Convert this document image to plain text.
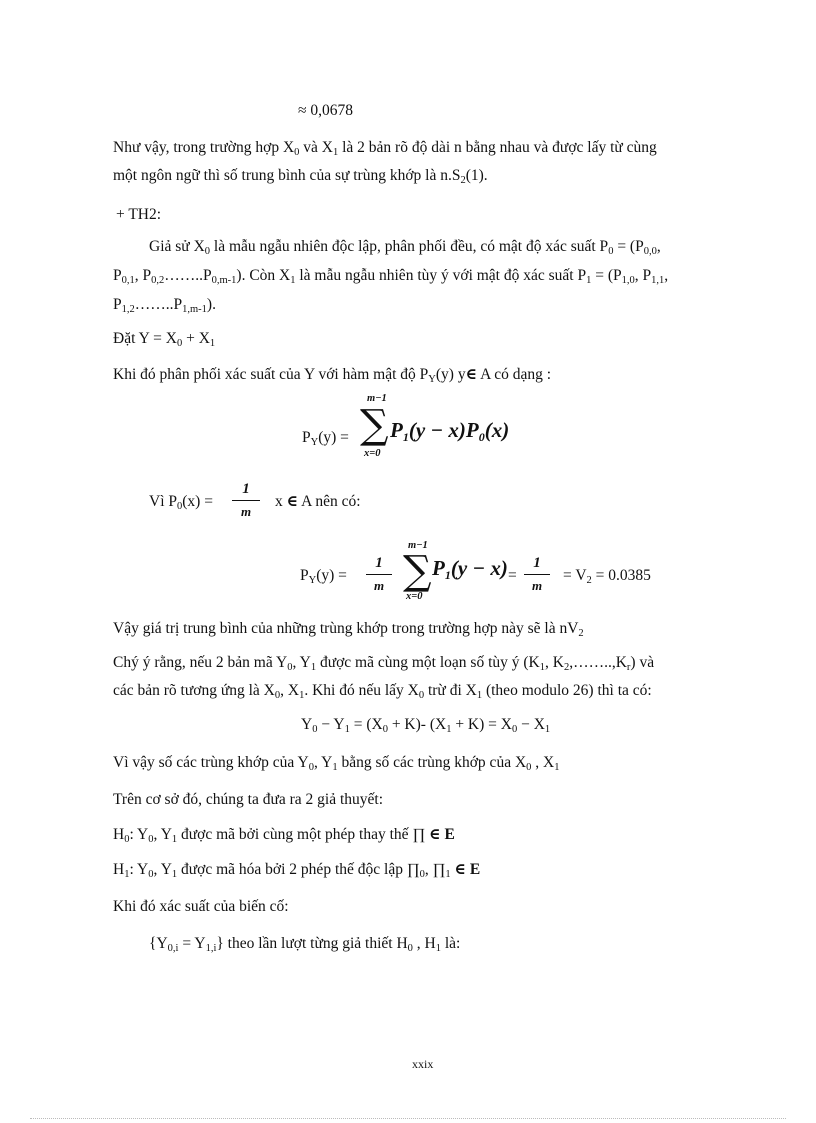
≈ 0,0678
Như vậy, trong trường hợp $X_0$ và $X_1$ là 2 bản rõ độ dài n bằng nhau và được lấy từ cùng
một ngôn ngữ thì số trung bình của sự trùng khớp là $n.S_2(1)$.
+ TH2:
Giả sử $X_0$ là mẫu ngẫu nhiên độc lập, phân phối đều, có mật độ xác suất $P_0 = (P_{0,0}$,
$P_{0,1}$, $P_{0,2}\dots\dots..P_{0,m-1}$). Còn $X_1$ là mẫu ngẫu nhiên tùy ý với mật độ xác suất $P_1 = (P_{1,0}$, $P_{1,1}$,
$P_{1,2}\dots\dots..P_{1,m-1}$).
Đặt $Y = X_0 + X_1$
Khi đó phân phối xác suất của Y với hàm mật độ $P_Y(y)$ y∈ A có dạng :
$P_Y(y)$ =
m−1
∑
x=0
$P_1(y - x)P_0(x)$
Vì $P_0(x)$ =
1
m
x ∈ A nên có:
$P_Y(y)$ =
1
m
m−1
∑
x=0
$P_1(y - x)$ =
1
m
= $V_2 = 0.0385$
Vậy giá trị trung bình của những trùng khớp trong trường hợp này sẽ là $nV_2$
Chý ý rằng, nếu 2 bản mã $Y_0$, $Y_1$ được mã cùng một loạn số tùy ý ($K_1$, $K_2,\dots\dots..,K_r$) và
các bản rõ tương ứng là $X_0$, $X_1$. Khi đó nếu lấy $X_0$ trừ đi $X_1$ (theo modulo 26) thì ta có:
$Y_0 - Y_1 = (X_0 + K)-$ $(X_1 + K) = X_0 - X_1$
Vì vậy số các trùng khớp của $Y_0$, $Y_1$ bằng số các trùng khớp của $X_0$ , $X_1$
Trên cơ sở đó, chúng ta đưa ra 2 giả thuyết:
$H_0$: $Y_0$, $Y_1$ được mã bởi cùng một phép thay thế ∏ ∈ E
$H_1$: $Y_0$, $Y_1$ được mã hóa bởi 2 phép thế độc lập $\prod_0$, $\prod_1$ ∈ E
Khi đó xác suất của biến cố:
$\{Y_{0,i} = Y_{1,i}\}$ theo lần lượt từng giả thiết $H_0$ , $H_1$ là:
xxix
